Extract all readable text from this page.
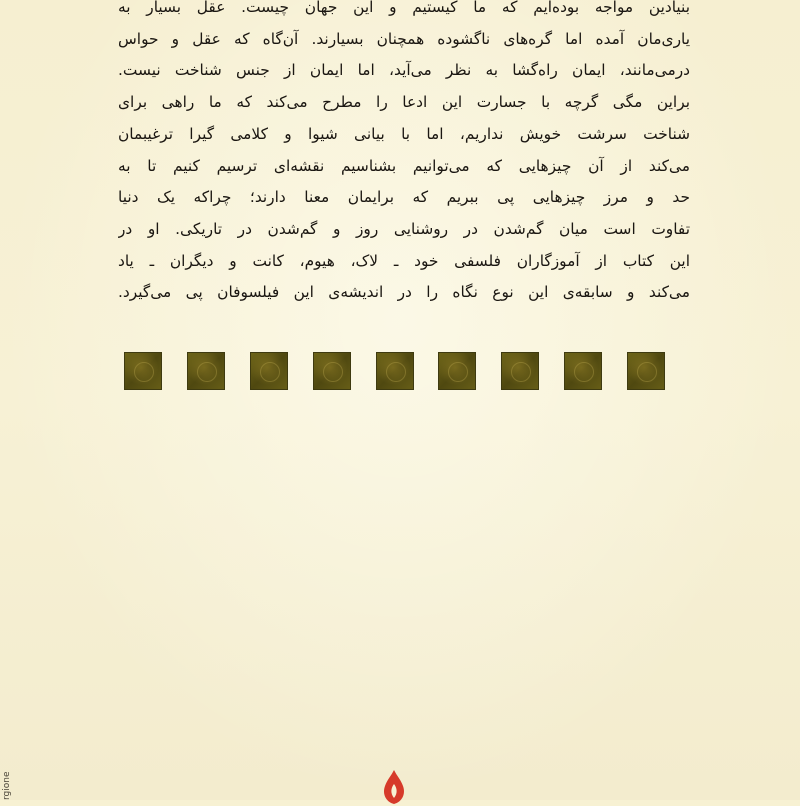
بنیادین مواجه بوده‌ایم که ما کیستیم و این جهان چیست. عقل بسیار به
یاری‌مان آمده اما گره‌های ناگشوده همچنان بسیارند. آن‌گاه که عقل و حواس
درمی‌مانند، ایمان راه‌گشا به نظر می‌آید، اما ایمان از جنس شناخت نیست.
براین مگی گرچه با جسارت این ادعا را مطرح می‌کند که ما راهی برای
شناخت سرشت خویش نداریم، اما با بیانی شیوا و کلامی گیرا ترغیبمان
می‌کند از آن چیزهایی که می‌توانیم بشناسیم نقشه‌ای ترسیم کنیم تا به
حد و مرز چیزهایی پی ببریم که برایمان معنا دارند؛ چراکه یک دنیا
تفاوت است میان گم‌شدن در روشنایی روز و گم‌شدن در تاریکی. او در
این کتاب از آموزگاران فلسفی خود ـ لاک، هیوم، کانت و دیگران ـ یاد
می‌کند و سابقه‌ی این نوع نگاه را در اندیشه‌ی این فیلسوفان پی می‌گیرد.
rgione
